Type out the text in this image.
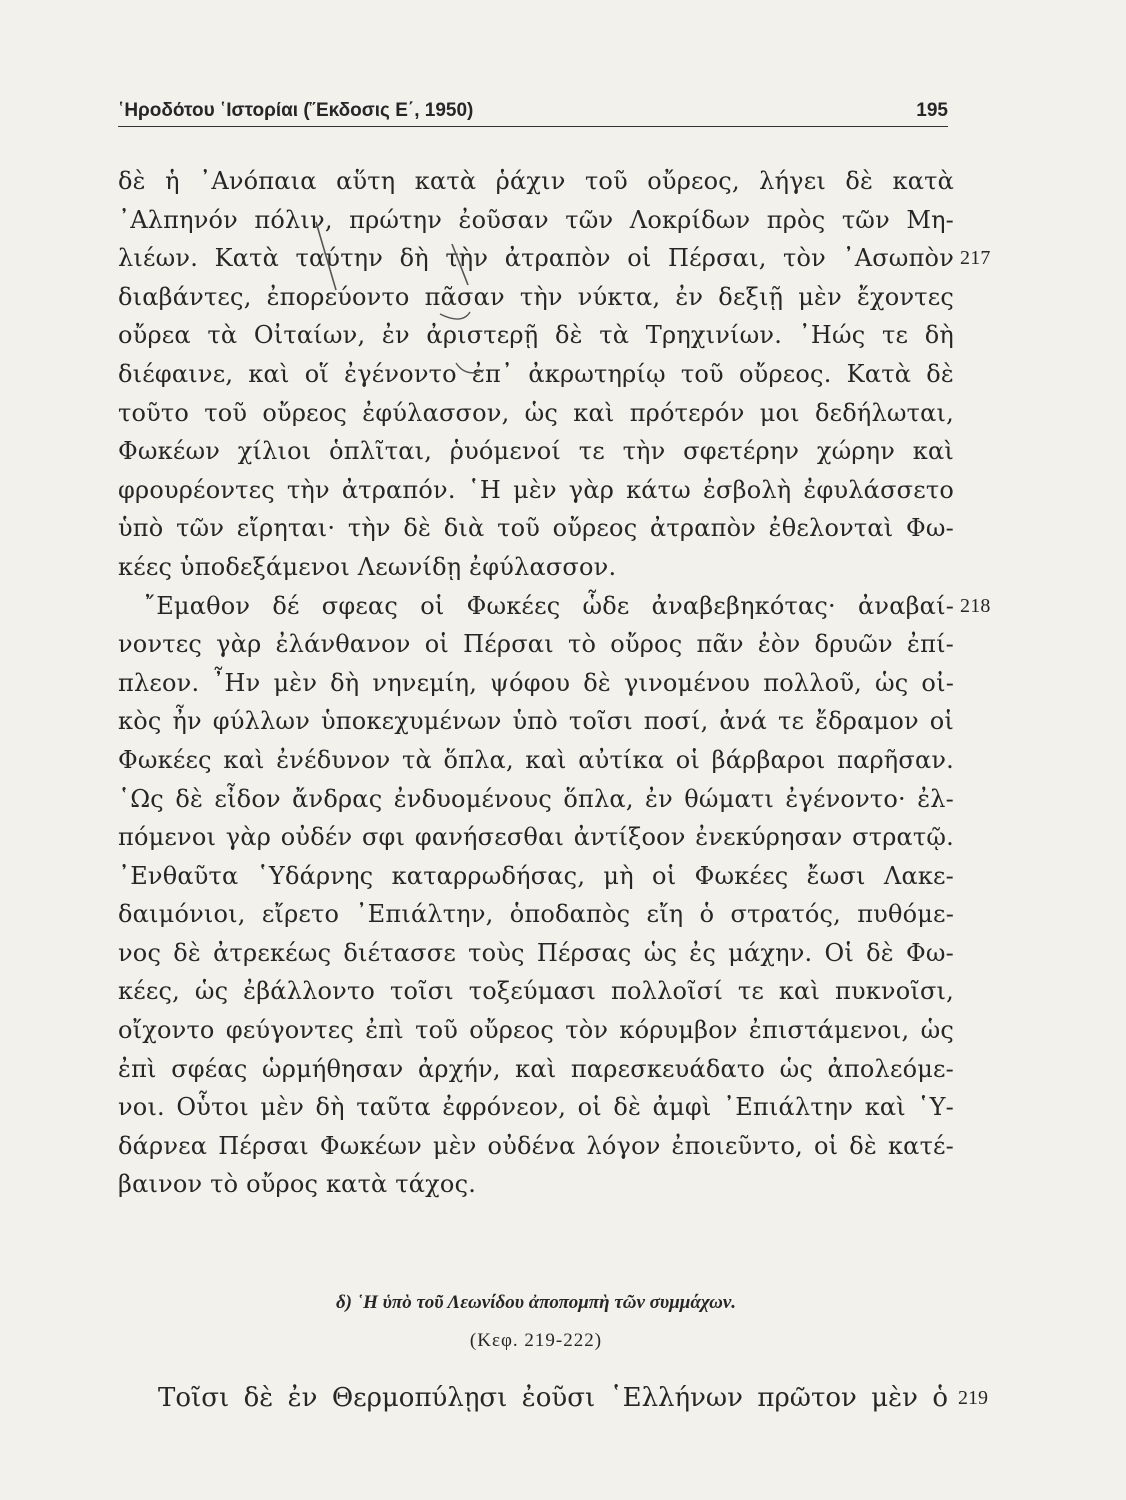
῾Ηροδότου ῾Ιστορίαι (῞Εκδοσις Ε΄, 1950)	195
δὲ ἡ ᾿Ανόπαια αὕτη κατὰ ῥάχιν τοῦ οὔρεος, λήγει δὲ κατὰ
᾿Αλπηνόν πόλιν, πρώτην ἐοῦσαν τῶν Λοκρίδων πρὸς τῶν Μη-
λιέων. Κατὰ ταύτην δὴ τὴν ἀτραπὸν οἱ Πέρσαι, τὸν ᾿Ασωπὸν 217
διαβάντες, ἐπορεύοντο πᾶσαν τὴν νύκτα, ἐν δεξιῇ μὲν ἔχοντες
οὔρεα τὰ Οἰταίων, ἐν ἀριστερῇ δὲ τὰ Τρηχινίων. ᾿Ηώς τε δὴ
διέφαινε, καὶ οἵ ἐγένοντο ἐπ᾿ ἀκρωτηρίῳ τοῦ οὔρεος. Κατὰ δὲ
τοῦτο τοῦ οὔρεος ἐφύλασσον, ὡς καὶ πρότερόν μοι δεδήλωται,
Φωκέων χίλιοι ὁπλῖται, ῥυόμενοί τε τὴν σφετέρην χώρην καὶ
φρουρέοντες τὴν ἀτραπόν. ῾Η μὲν γὰρ κάτω ἐσβολὴ ἐφυλάσσετο
ὑπὸ τῶν εἴρηται· τὴν δὲ διὰ τοῦ οὔρεος ἀτραπὸν ἐθελονταὶ Φω-
κέες ὑποδεξάμενοι Λεωνίδῃ ἐφύλασσον.
῎Εμαθον δέ σφεας οἱ Φωκέες ὧδε ἀναβεβηκότας· ἀναβαί- 218
νοντες γὰρ ἐλάνθανον οἱ Πέρσαι τὸ οὔρος πᾶν ἐὸν δρυῶν ἐπί-
πλεον. ῏Ην μὲν δὴ νηνεμίη, ψόφου δὲ γινομένου πολλοῦ, ὡς οἰ-
κὸς ἦν φύλλων ὑποκεχυμένων ὑπὸ τοῖσι ποσί, ἀνά τε ἔδραμον οἱ
Φωκέες καὶ ἐνέδυνον τὰ ὅπλα, καὶ αὐτίκα οἱ βάρβαροι παρῆσαν.
῾Ως δὲ εἶδον ἄνδρας ἐνδυομένους ὅπλα, ἐν θώματι ἐγένοντο· ἐλ-
πόμενοι γὰρ οὐδέν σφι φανήσεσθαι ἀντίξοον ἐνεκύρησαν στρατῷ.
᾿Ενθαῦτα ῾Υδάρνης καταρρωδήσας, μὴ οἱ Φωκέες ἔωσι Λακε-
δαιμόνιοι, εἴρετο ᾿Επιάλτην, ὁποδαπὸς εἴη ὁ στρατός, πυθόμε-
νος δὲ ἀτρεκέως διέτασσε τοὺς Πέρσας ὡς ἐς μάχην. Οἱ δὲ Φω-
κέες, ὡς ἐβάλλοντο τοῖσι τοξεύμασι πολλοῖσί τε καὶ πυκνοῖσι,
οἴχοντο φεύγοντες ἐπὶ τοῦ οὔρεος τὸν κόρυμβον ἐπιστάμενοι, ὡς
ἐπὶ σφέας ὡρμήθησαν ἀρχήν, καὶ παρεσκευάδατο ὡς ἀπολεόμε-
νοι. Οὗτοι μὲν δὴ ταῦτα ἐφρόνεον, οἱ δὲ ἀμφὶ ᾿Επιάλτην καὶ ῾Υ-
δάρνεα Πέρσαι Φωκέων μὲν οὐδένα λόγον ἐποιεῦντο, οἱ δὲ κατέ-
βαινον τὸ οὔρος κατὰ τάχος.
δ) ῾Η ὑπὸ τοῦ Λεωνίδου ἀποπομπὴ τῶν συμμάχων.
(Κεφ. 219-222)
Τοῖσι δὲ ἐν Θερμοπύλῃσι ἐοῦσι ῾Ελλήνων πρῶτον μὲν ὁ 219
